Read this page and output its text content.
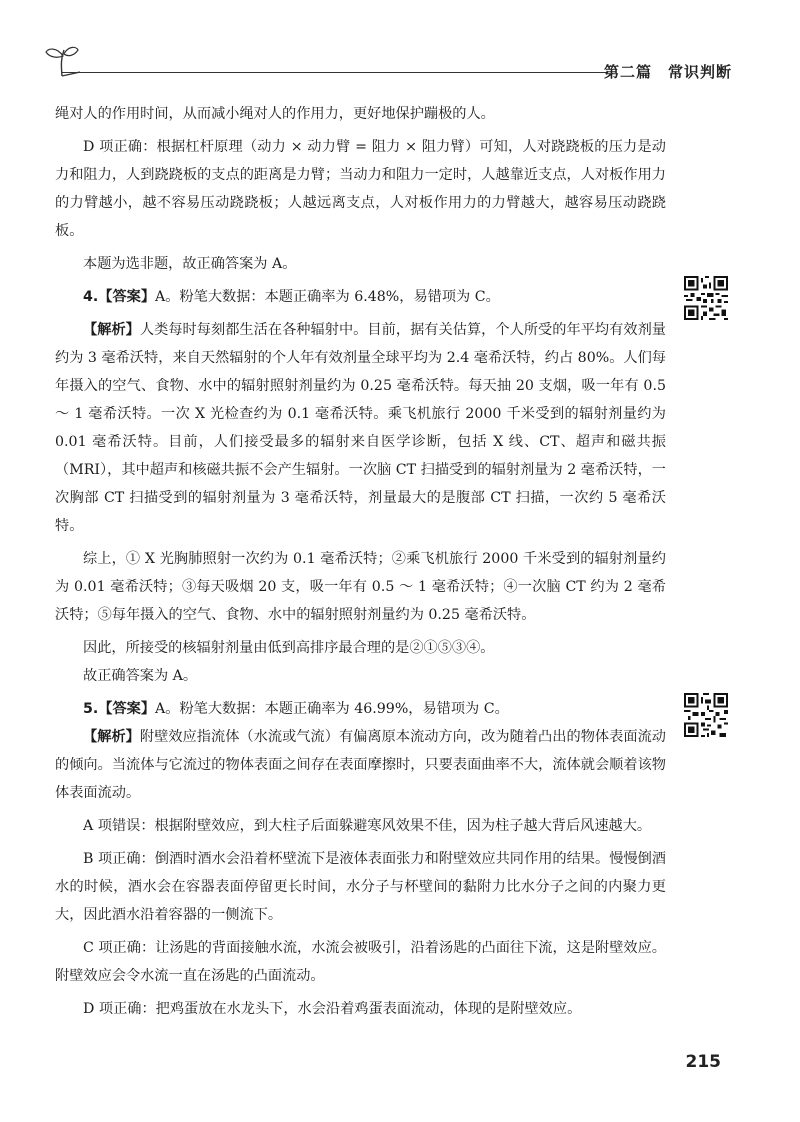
第二篇　常识判断

绳对人的作用时间，从而减小绳对人的作用力，更好地保护蹦极的人。

D 项正确：根据杠杆原理（动力 × 动力臂 = 阻力 × 阻力臂）可知，人对跷跷板的压力是动力和阻力，人到跷跷板的支点的距离是力臂；当动力和阻力一定时，人越靠近支点，人对板作用力的力臂越小，越不容易压动跷跷板；人越远离支点，人对板作用力的力臂越大，越容易压动跷跷板。

本题为选非题，故正确答案为 A。

4.【答案】A。粉笔大数据：本题正确率为 6.48%，易错项为 C。

【解析】人类每时每刻都生活在各种辐射中。目前，据有关估算，个人所受的年平均有效剂量约为 3 毫希沃特，来自天然辐射的个人年有效剂量全球平均为 2.4 毫希沃特，约占 80%。人们每年摄入的空气、食物、水中的辐射照射剂量约为 0.25 毫希沃特。每天抽 20 支烟，吸一年有 0.5 ～ 1 毫希沃特。一次 X 光检查约为 0.1 毫希沃特。乘飞机旅行 2000 千米受到的辐射剂量约为 0.01 毫希沃特。目前，人们接受最多的辐射来自医学诊断，包括 X 线、CT、超声和磁共振（MRI），其中超声和核磁共振不会产生辐射。一次脑 CT 扫描受到的辐射剂量为 2 毫希沃特，一次胸部 CT 扫描受到的辐射剂量为 3 毫希沃特，剂量最大的是腹部 CT 扫描，一次约 5 毫希沃特。

综上，① X 光胸肺照射一次约为 0.1 毫希沃特；②乘飞机旅行 2000 千米受到的辐射剂量约为 0.01 毫希沃特；③每天吸烟 20 支，吸一年有 0.5 ～ 1 毫希沃特；④一次脑 CT 约为 2 毫希沃特；⑤每年摄入的空气、食物、水中的辐射照射剂量约为 0.25 毫希沃特。

因此，所接受的核辐射剂量由低到高排序最合理的是②①⑤③④。

故正确答案为 A。

5.【答案】A。粉笔大数据：本题正确率为 46.99%，易错项为 C。

【解析】附壁效应指流体（水流或气流）有偏离原本流动方向，改为随着凸出的物体表面流动的倾向。当流体与它流过的物体表面之间存在表面摩擦时，只要表面曲率不大，流体就会顺着该物体表面流动。

A 项错误：根据附壁效应，到大柱子后面躲避寒风效果不佳，因为柱子越大背后风速越大。

B 项正确：倒酒时酒水会沿着杯壁流下是液体表面张力和附壁效应共同作用的结果。慢慢倒酒水的时候，酒水会在容器表面停留更长时间，水分子与杯壁间的黏附力比水分子之间的内聚力更大，因此酒水沿着容器的一侧流下。

C 项正确：让汤匙的背面接触水流，水流会被吸引，沿着汤匙的凸面往下流，这是附壁效应。附壁效应会令水流一直在汤匙的凸面流动。

D 项正确：把鸡蛋放在水龙头下，水会沿着鸡蛋表面流动，体现的是附壁效应。

215
